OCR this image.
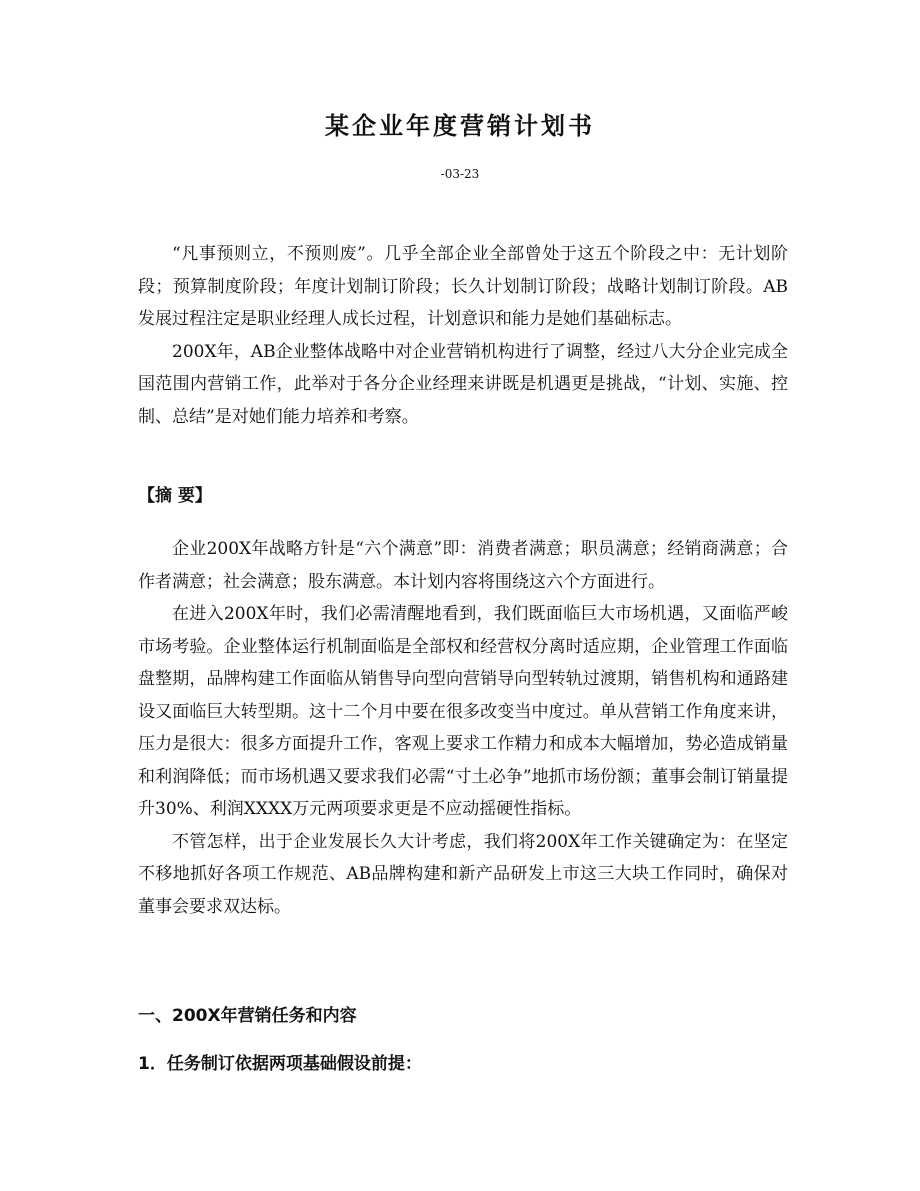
某企业年度营销计划书
-03-23

“凡事预则立，不预则废”。几乎全部企业全部曾处于这五个阶段之中：无计划阶段；预算制度阶段；年度计划制订阶段；长久计划制订阶段；战略计划制订阶段。AB发展过程注定是职业经理人成长过程，计划意识和能力是她们基础标志。

200X年，AB企业整体战略中对企业营销机构进行了调整，经过八大分企业完成全国范围内营销工作，此举对于各分企业经理来讲既是机遇更是挑战，“计划、实施、控制、总结”是对她们能力培养和考察。

【摘 要】

企业200X年战略方针是“六个满意”即：消费者满意；职员满意；经销商满意；合作者满意；社会满意；股东满意。本计划内容将围绕这六个方面进行。

在进入200X年时，我们必需清醒地看到，我们既面临巨大市场机遇，又面临严峻市场考验。企业整体运行机制面临是全部权和经营权分离时适应期，企业管理工作面临盘整期，品牌构建工作面临从销售导向型向营销导向型转轨过渡期，销售机构和通路建设又面临巨大转型期。这十二个月中要在很多改变当中度过。单从营销工作角度来讲，压力是很大：很多方面提升工作，客观上要求工作精力和成本大幅增加，势必造成销量和利润降低；而市场机遇又要求我们必需“寸土必争”地抓市场份额；董事会制订销量提升30%、利润XXXX万元两项要求更是不应动摇硬性指标。

不管怎样，出于企业发展长久大计考虑，我们将200X年工作关键确定为：在坚定不移地抓好各项工作规范、AB品牌构建和新产品研发上市这三大块工作同时，确保对董事会要求双达标。

一、200X年营销任务和内容
1．任务制订依据两项基础假设前提：
